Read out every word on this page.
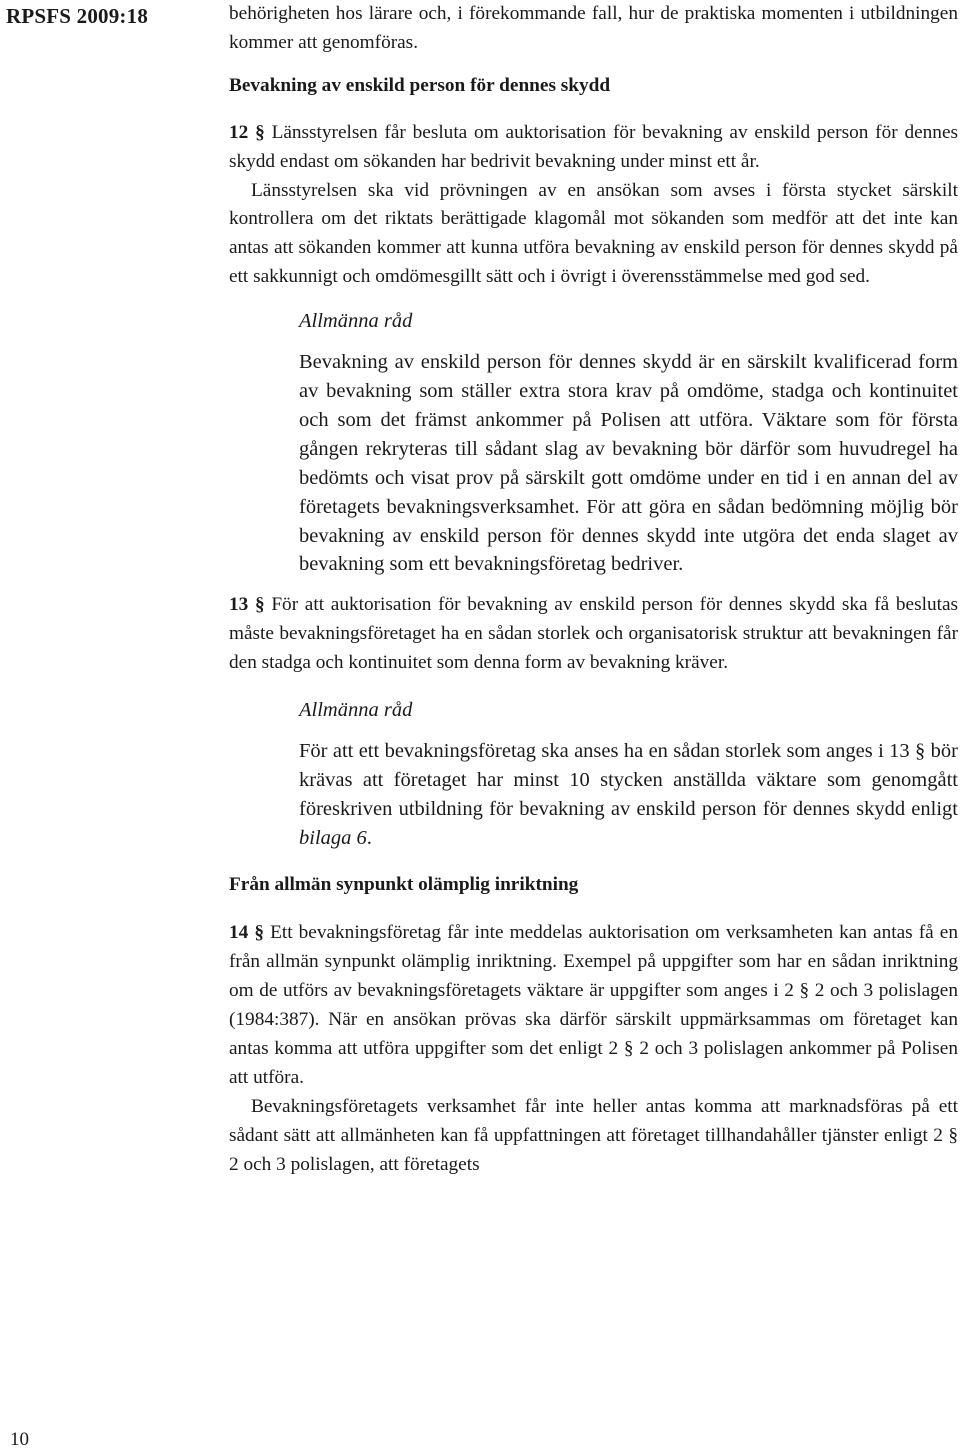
RPSFS 2009:18	behörigheten hos lärare och, i förekommande fall, hur de praktiska momenten i utbildningen kommer att genomföras.

Bevakning av enskild person för dennes skydd

12 § Länsstyrelsen får besluta om auktorisation för bevakning av enskild person för dennes skydd endast om sökanden har bedrivit bevakning under minst ett år.

Länsstyrelsen ska vid prövningen av en ansökan som avses i första stycket särskilt kontrollera om det riktats berättigade klagomål mot sökanden som medför att det inte kan antas att sökanden kommer att kunna utföra bevakning av enskild person för dennes skydd på ett sakkunnigt och omdömesgillt sätt och i övrigt i överensstämmelse med god sed.

Allmänna råd

Bevakning av enskild person för dennes skydd är en särskilt kvalificerad form av bevakning som ställer extra stora krav på omdöme, stadga och kontinuitet och som det främst ankommer på Polisen att utföra. Väktare som för första gången rekryteras till sådant slag av bevakning bör därför som huvudregel ha bedömts och visat prov på särskilt gott omdöme under en tid i en annan del av företagets bevakningsverksamhet. För att göra en sådan bedömning möjlig bör bevakning av enskild person för dennes skydd inte utgöra det enda slaget av bevakning som ett bevakningsföretag bedriver.

13 § För att auktorisation för bevakning av enskild person för dennes skydd ska få beslutas måste bevakningsföretaget ha en sådan storlek och organisatorisk struktur att bevakningen får den stadga och kontinuitet som denna form av bevakning kräver.

Allmänna råd

För att ett bevakningsföretag ska anses ha en sådan storlek som anges i 13 § bör krävas att företaget har minst 10 stycken anställda väktare som genomgått föreskriven utbildning för bevakning av enskild person för dennes skydd enligt bilaga 6.

Från allmän synpunkt olämplig inriktning

14 § Ett bevakningsföretag får inte meddelas auktorisation om verksamheten kan antas få en från allmän synpunkt olämplig inriktning. Exempel på uppgifter som har en sådan inriktning om de utförs av bevakningsföretagets väktare är uppgifter som anges i 2 § 2 och 3 polislagen (1984:387). När en ansökan prövas ska därför särskilt uppmärksammas om företaget kan antas komma att utföra uppgifter som det enligt 2 § 2 och 3 polislagen ankommer på Polisen att utföra.

Bevakningsföretagets verksamhet får inte heller antas komma att marknadsföras på ett sådant sätt att allmänheten kan få uppfattningen att företaget tillhandahåller tjänster enligt 2 § 2 och 3 polislagen, att företagets

10
